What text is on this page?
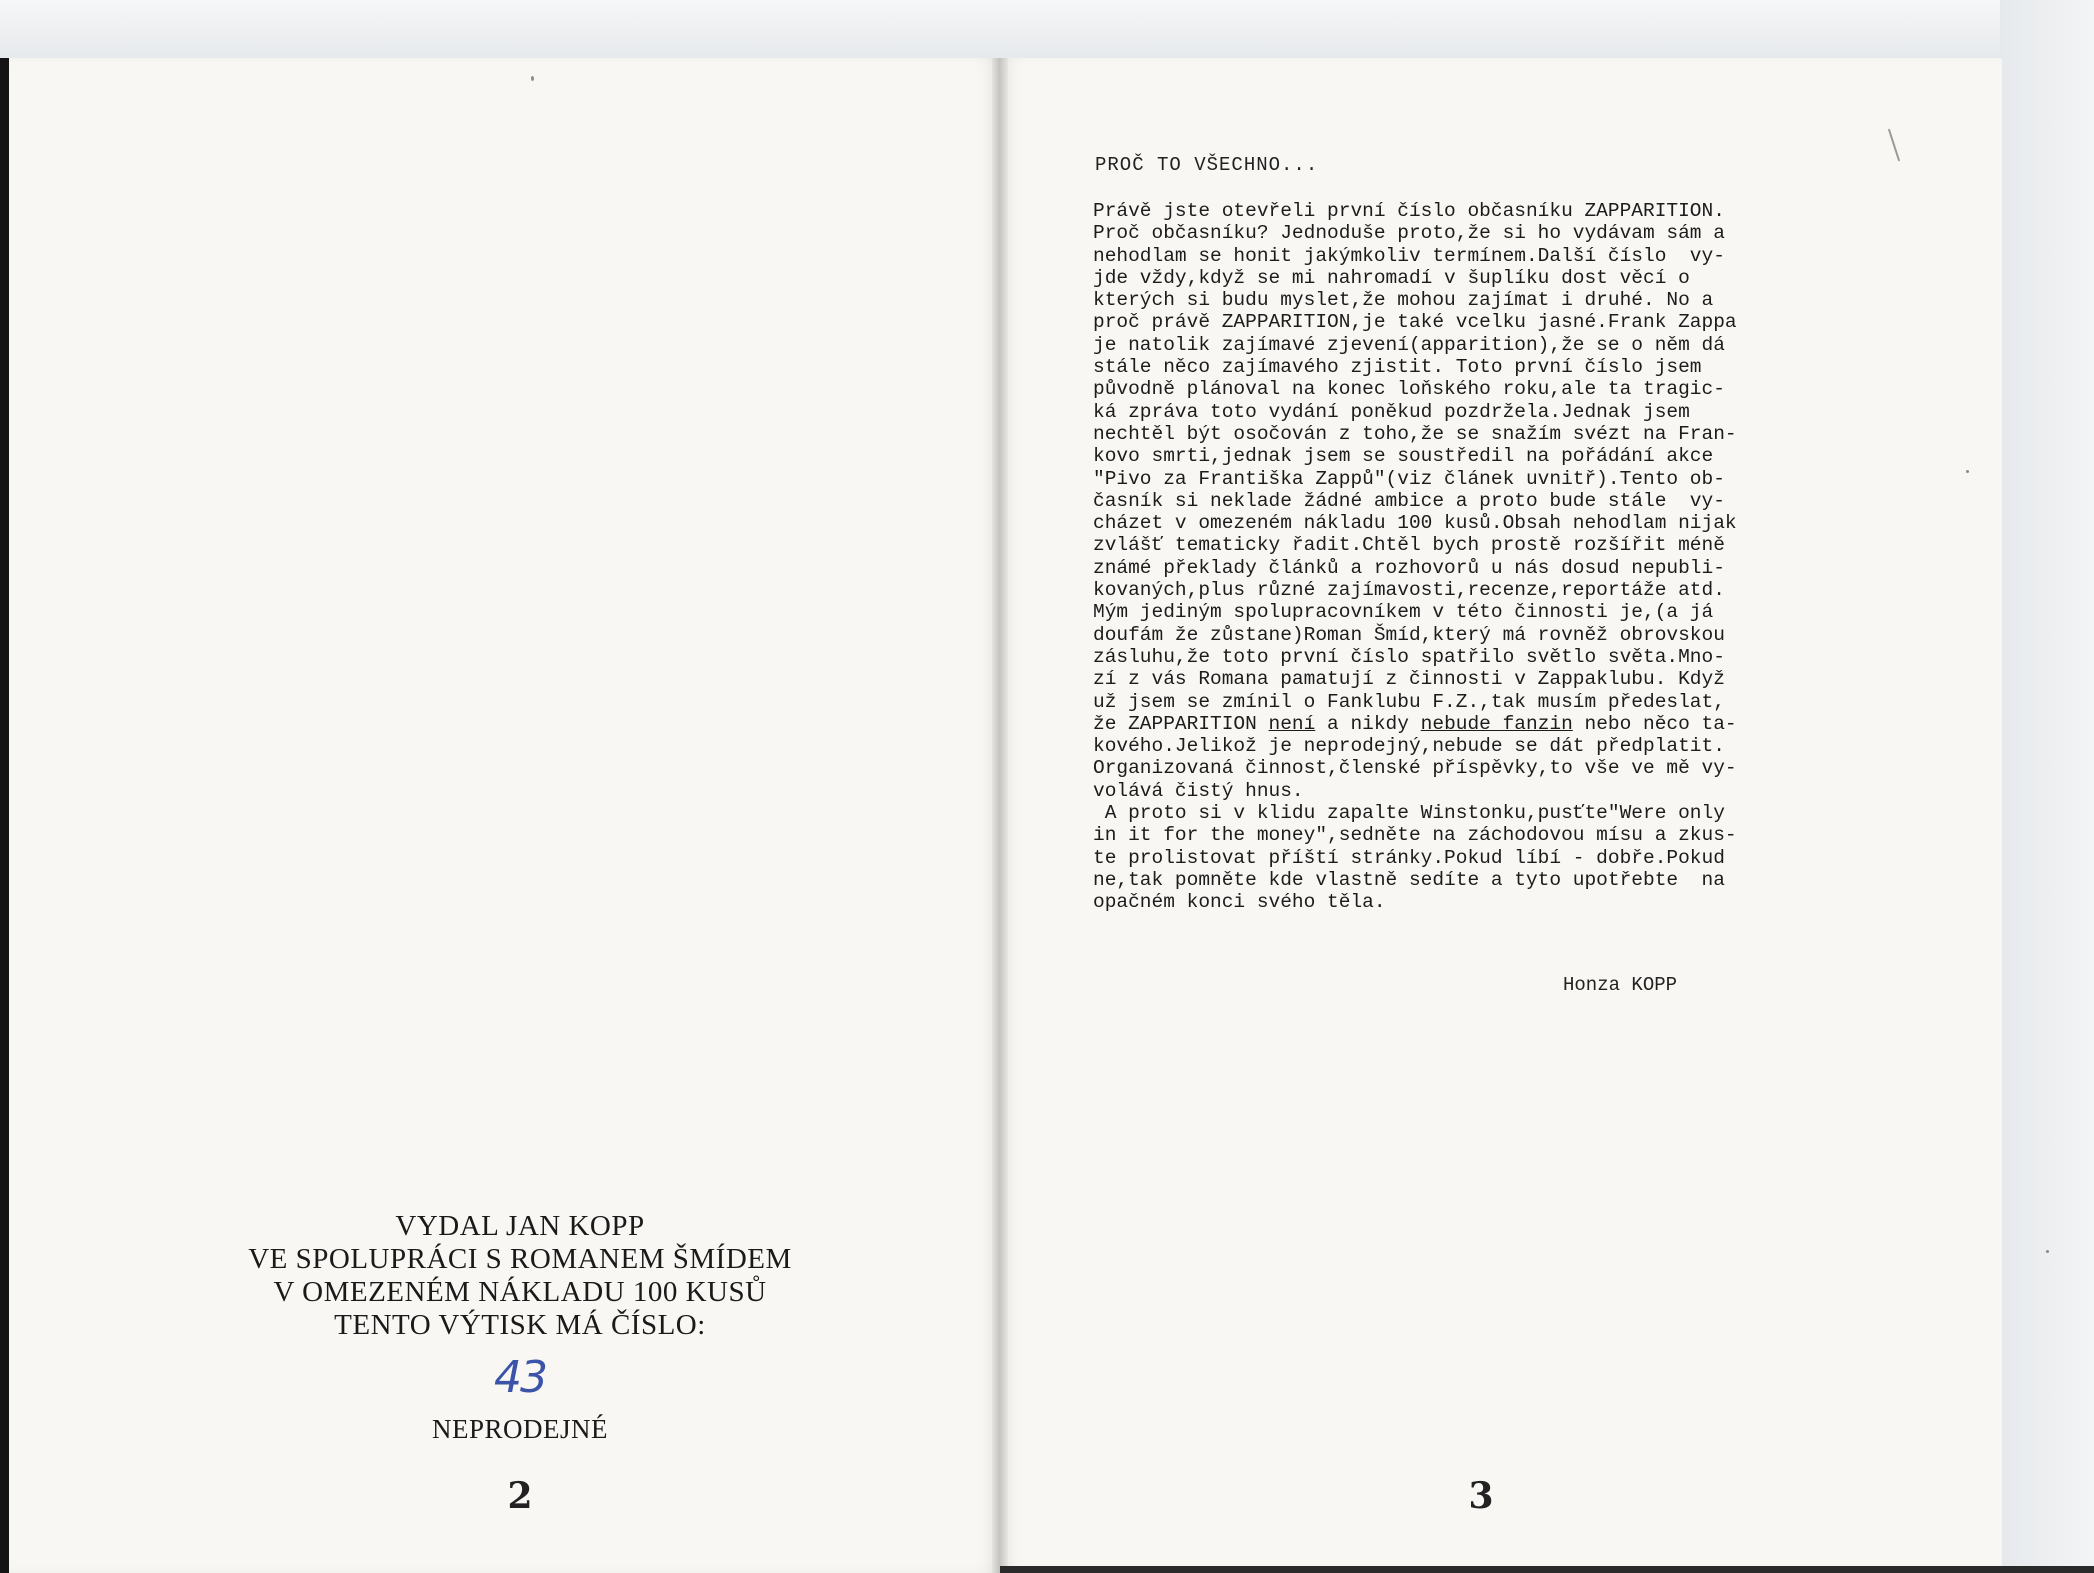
VYDAL JAN KOPP
VE SPOLUPRÁCI S ROMANEM ŠMÍDEM
V OMEZENÉM NÁKLADU 100 KUSŮ
TENTO VÝTISK MÁ ČÍSLO:
43
NEPRODEJNÉ
2
PROČ TO VŠECHNO...
Právě jste otevřeli první číslo občasníku ZAPPARITION.
Proč občasníku? Jednoduše proto,že si ho vydávam sám a
nehodlam se honit jakýmkoliv termínem.Další číslo  vy-
jde vždy,když se mi nahromadí v šuplíku dost věcí o
kterých si budu myslet,že mohou zajímat i druhé. No a
proč právě ZAPPARITION,je také vcelku jasné.Frank Zappa
je natolik zajímavé zjevení(apparition),že se o něm dá
stále něco zajímavého zjistit. Toto první číslo jsem
původně plánoval na konec loňského roku,ale ta tragic-
ká zpráva toto vydání poněkud pozdržela.Jednak jsem
nechtěl být osočován z toho,že se snažím svézt na Fran-
kovo smrti,jednak jsem se soustředil na pořádání akce
"Pivo za Františka Zappů"(viz článek uvnitř).Tento ob-
časník si neklade žádné ambice a proto bude stále  vy-
cházet v omezeném nákladu 100 kusů.Obsah nehodlam nijak
zvlášť tematicky řadit.Chtěl bych prostě rozšířit méně
známé překlady článků a rozhovorů u nás dosud nepubli-
kovaných,plus různé zajímavosti,recenze,reportáže atd.
Mým jediným spolupracovníkem v této činnosti je,(a já
doufám že zůstane)Roman Šmíd,který má rovněž obrovskou
zásluhu,že toto první číslo spatřilo světlo světa.Mno-
zí z vás Romana pamatují z činnosti v Zappaklubu. Když
už jsem se zmínil o Fanklubu F.Z.,tak musím předeslat,
že ZAPPARITION není a nikdy nebude fanzin nebo něco ta-
kového.Jelikož je neprodejný,nebude se dát předplatit.
Organizovaná činnost,členské příspěvky,to vše ve mě vy-
volává čistý hnus.
A proto si v klidu zapalte Winstonku,pusťte"Were only
in it for the money",sedněte na záchodovou mísu a zkus-
te prolistovat příští stránky.Pokud líbí - dobře.Pokud
ne,tak pomněte kde vlastně sedíte a tyto upotřebte  na
opačném konci svého těla.
Honza KOPP
3
